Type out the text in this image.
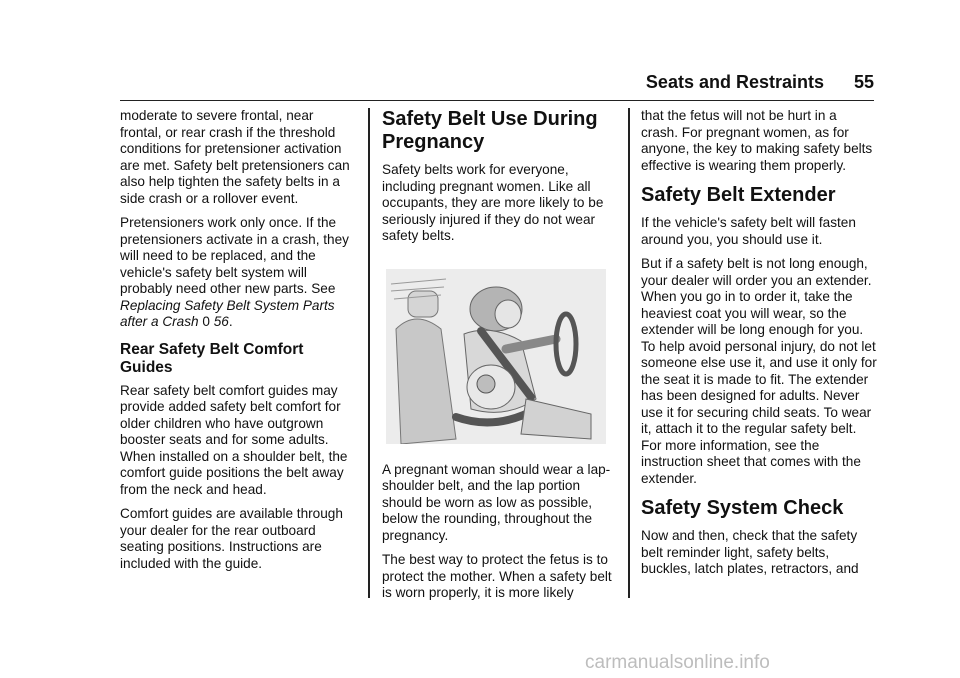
Seats and Restraints 55

moderate to severe frontal, near frontal, or rear crash if the threshold conditions for pretensioner activation are met. Safety belt pretensioners can also help tighten the safety belts in a side crash or a rollover event.

Pretensioners work only once. If the pretensioners activate in a crash, they will need to be replaced, and the vehicle's safety belt system will probably need other new parts. See Replacing Safety Belt System Parts after a Crash 0 56.

Rear Safety Belt Comfort Guides

Rear safety belt comfort guides may provide added safety belt comfort for older children who have outgrown booster seats and for some adults. When installed on a shoulder belt, the comfort guide positions the belt away from the neck and head.

Comfort guides are available through your dealer for the rear outboard seating positions. Instructions are included with the guide.

Safety Belt Use During Pregnancy

Safety belts work for everyone, including pregnant women. Like all occupants, they are more likely to be seriously injured if they do not wear safety belts.

A pregnant woman should wear a lap-shoulder belt, and the lap portion should be worn as low as possible, below the rounding, throughout the pregnancy.

The best way to protect the fetus is to protect the mother. When a safety belt is worn properly, it is more likely

that the fetus will not be hurt in a crash. For pregnant women, as for anyone, the key to making safety belts effective is wearing them properly.

Safety Belt Extender

If the vehicle's safety belt will fasten around you, you should use it.

But if a safety belt is not long enough, your dealer will order you an extender. When you go in to order it, take the heaviest coat you will wear, so the extender will be long enough for you. To help avoid personal injury, do not let someone else use it, and use it only for the seat it is made to fit. The extender has been designed for adults. Never use it for securing child seats. To wear it, attach it to the regular safety belt. For more information, see the instruction sheet that comes with the extender.

Safety System Check

Now and then, check that the safety belt reminder light, safety belts, buckles, latch plates, retractors, and

carmanualsonline.info
